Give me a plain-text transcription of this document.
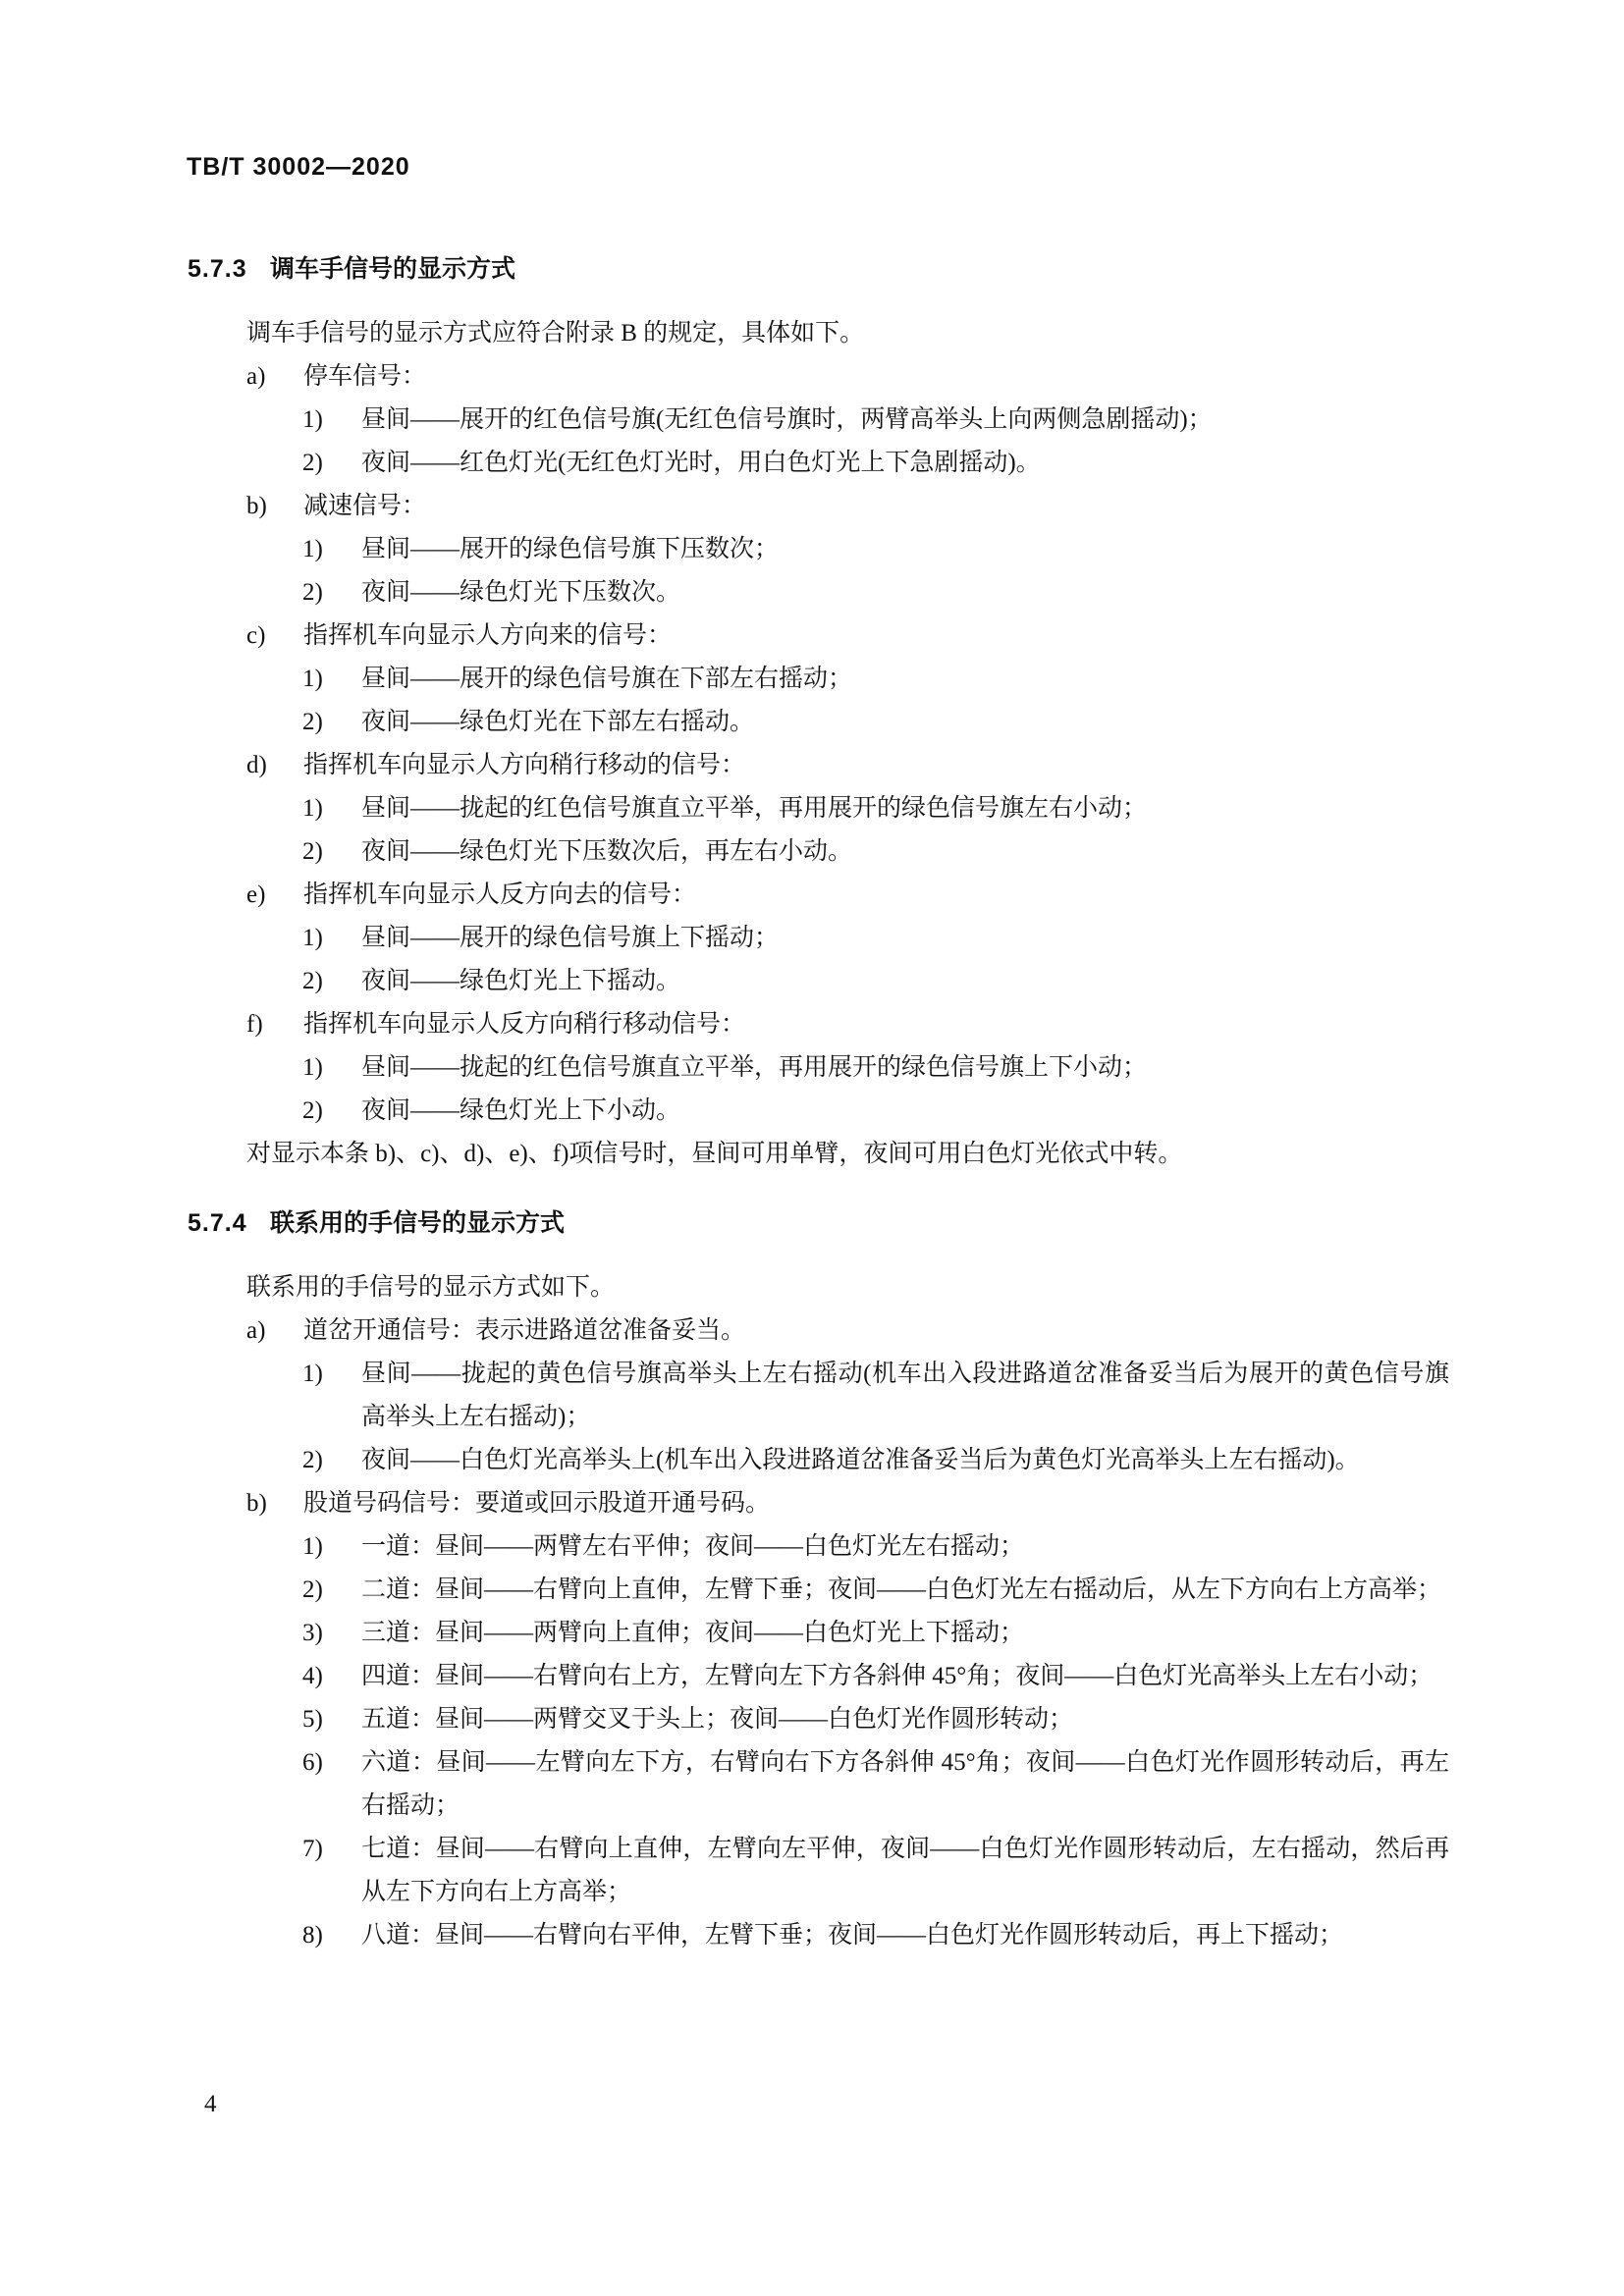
TB/T 30002—2020
5.7.3 调车手信号的显示方式
调车手信号的显示方式应符合附录 B 的规定，具体如下。
a)	停车信号：
1)	昼间——展开的红色信号旗(无红色信号旗时，两臂高举头上向两侧急剧摇动)；
2)	夜间——红色灯光(无红色灯光时，用白色灯光上下急剧摇动)。
b)	减速信号：
1)	昼间——展开的绿色信号旗下压数次；
2)	夜间——绿色灯光下压数次。
c)	指挥机车向显示人方向来的信号：
1)	昼间——展开的绿色信号旗在下部左右摇动；
2)	夜间——绿色灯光在下部左右摇动。
d)	指挥机车向显示人方向稍行移动的信号：
1)	昼间——拢起的红色信号旗直立平举，再用展开的绿色信号旗左右小动；
2)	夜间——绿色灯光下压数次后，再左右小动。
e)	指挥机车向显示人反方向去的信号：
1)	昼间——展开的绿色信号旗上下摇动；
2)	夜间——绿色灯光上下摇动。
f)	指挥机车向显示人反方向稍行移动信号：
1)	昼间——拢起的红色信号旗直立平举，再用展开的绿色信号旗上下小动；
2)	夜间——绿色灯光上下小动。
对显示本条 b)、c)、d)、e)、f)项信号时，昼间可用单臂，夜间可用白色灯光依式中转。
5.7.4 联系用的手信号的显示方式
联系用的手信号的显示方式如下。
a)	道岔开通信号：表示进路道岔准备妥当。
1)	昼间——拢起的黄色信号旗高举头上左右摇动(机车出入段进路道岔准备妥当后为展开的黄色信号旗高举头上左右摇动)；
2)	夜间——白色灯光高举头上(机车出入段进路道岔准备妥当后为黄色灯光高举头上左右摇动)。
b)	股道号码信号：要道或回示股道开通号码。
1)	一道：昼间——两臂左右平伸；夜间——白色灯光左右摇动；
2)	二道：昼间——右臂向上直伸，左臂下垂；夜间——白色灯光左右摇动后，从左下方向右上方高举；
3)	三道：昼间——两臂向上直伸；夜间——白色灯光上下摇动；
4)	四道：昼间——右臂向右上方，左臂向左下方各斜伸 45°角；夜间——白色灯光高举头上左右小动；
5)	五道：昼间——两臂交叉于头上；夜间——白色灯光作圆形转动；
6)	六道：昼间——左臂向左下方，右臂向右下方各斜伸 45°角；夜间——白色灯光作圆形转动后，再左右摇动；
7)	七道：昼间——右臂向上直伸，左臂向左平伸，夜间——白色灯光作圆形转动后，左右摇动，然后再从左下方向右上方高举；
8)	八道：昼间——右臂向右平伸，左臂下垂；夜间——白色灯光作圆形转动后，再上下摇动；
4
